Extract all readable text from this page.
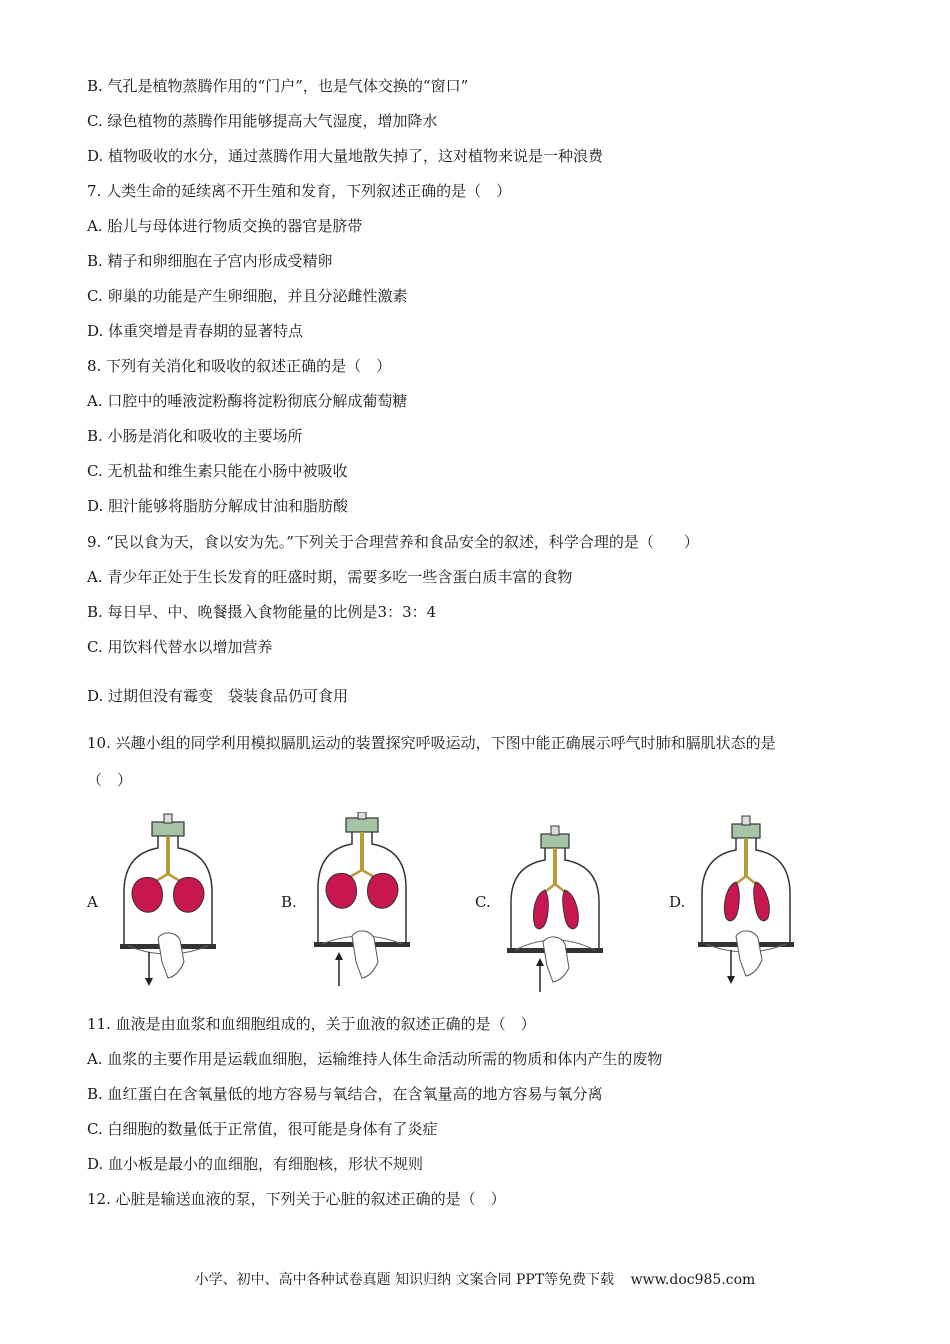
B. 气孔是植物蒸腾作用的“门户”，也是气体交换的“窗口”
C. 绿色植物的蒸腾作用能够提高大气湿度，增加降水
D. 植物吸收的水分，通过蒸腾作用大量地散失掉了，这对植物来说是一种浪费
7. 人类生命的延续离不开生殖和发育，下列叙述正确的是（　）
A. 胎儿与母体进行物质交换的器官是脐带
B. 精子和卵细胞在子宫内形成受精卵
C. 卵巢的功能是产生卵细胞，并且分泌雌性激素
D. 体重突增是青春期的显著特点
8. 下列有关消化和吸收的叙述正确的是（　）
A. 口腔中的唾液淀粉酶将淀粉彻底分解成葡萄糖
B. 小肠是消化和吸收的主要场所
C. 无机盐和维生素只能在小肠中被吸收
D. 胆汁能够将脂肪分解成甘油和脂肪酸
9. “民以食为天，食以安为先。”下列关于合理营养和食品安全的叙述，科学合理的是（　　）
A. 青少年正处于生长发育的旺盛时期，需要多吃一些含蛋白质丰富的食物
B. 每日早、中、晚餐摄入食物能量的比例是3：3：4
C. 用饮料代替水以增加营养
D. 过期但没有霉变　袋装食品仍可食用
10. 兴趣小组的同学利用模拟膈肌运动的装置探究呼吸运动，下图中能正确展示呼气时肺和膈肌状态的是
（　）
A	B.	C.	D.
11. 血液是由血浆和血细胞组成的，关于血液的叙述正确的是（　）
A. 血浆的主要作用是运载血细胞，运输维持人体生命活动所需的物质和体内产生的废物
B. 血红蛋白在含氧量低的地方容易与氧结合，在含氧量高的地方容易与氧分离
C. 白细胞的数量低于正常值，很可能是身体有了炎症
D. 血小板是最小的血细胞，有细胞核，形状不规则
12. 心脏是输送血液的泵，下列关于心脏的叙述正确的是（　）
小学、初中、高中各种试卷真题 知识归纳 文案合同 PPT等免费下载 www.doc985.com
